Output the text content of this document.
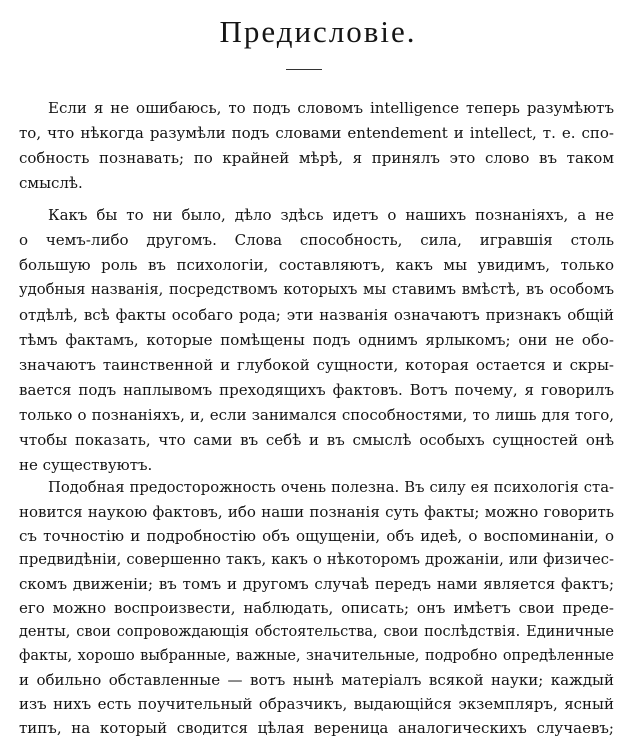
Предисловіе.
Если я не ошибаюсь, то подъ словомъ intelligence теперь разумѣютъ
то, что нѣкогда разумѣли подъ словами entendement и intellect, т. е. спо-
собность познавать; по крайней мѣрѣ, я принялъ это слово въ таком
смыслѣ.
Какъ бы то ни было, дѣло здѣсь идетъ о нашихъ познаніяхъ, а не
о чемъ-либо другомъ. Слова способность, сила, игравшія столь
большую роль въ психологіи, составляютъ, какъ мы увидимъ, только
удобныя названія, посредствомъ которыхъ мы ставимъ вмѣстѣ, въ особомъ
отдѣлѣ, всѣ факты особаго рода; эти названія означаютъ признакъ общій
тѣмъ фактамъ, которые помѣщены подъ однимъ ярлыкомъ; они не обо-
значаютъ таинственной и глубокой сущности, которая остается и скры-
вается подъ наплывомъ преходящихъ фактовъ. Вотъ почему, я говорилъ
только о познаніяхъ, и, если занимался способностями, то лишь для того,
чтобы показать, что сами въ себѣ и въ смыслѣ особыхъ сущностей онѣ
не существуютъ.
Подобная предосторожность очень полезна. Въ силу ея психологія ста-
новится наукою фактовъ, ибо наши познанія суть факты; можно говорить
съ точностію и подробностію объ ощущеніи, объ идеѣ, о воспоминаніи, о
предвидѣніи, совершенно такъ, какъ о нѣкоторомъ дрожаніи, или физичес-
скомъ движеніи; въ томъ и другомъ случаѣ передъ нами является фактъ;
его можно воспроизвести, наблюдать, описать; онъ имѣетъ свои преде-
денты, свои сопровождающія обстоятельства, свои послѣдствія. Единичные
факты, хорошо выбранные, важные, значительные, подробно опредѣленные
и обильно обставленные — вотъ нынѣ матеріалъ всякой науки; каждый
изъ нихъ есть поучительный образчикъ, выдающійся экземпляръ, ясный
типъ, на который сводится цѣлая вереница аналогическихъ случаевъ;
